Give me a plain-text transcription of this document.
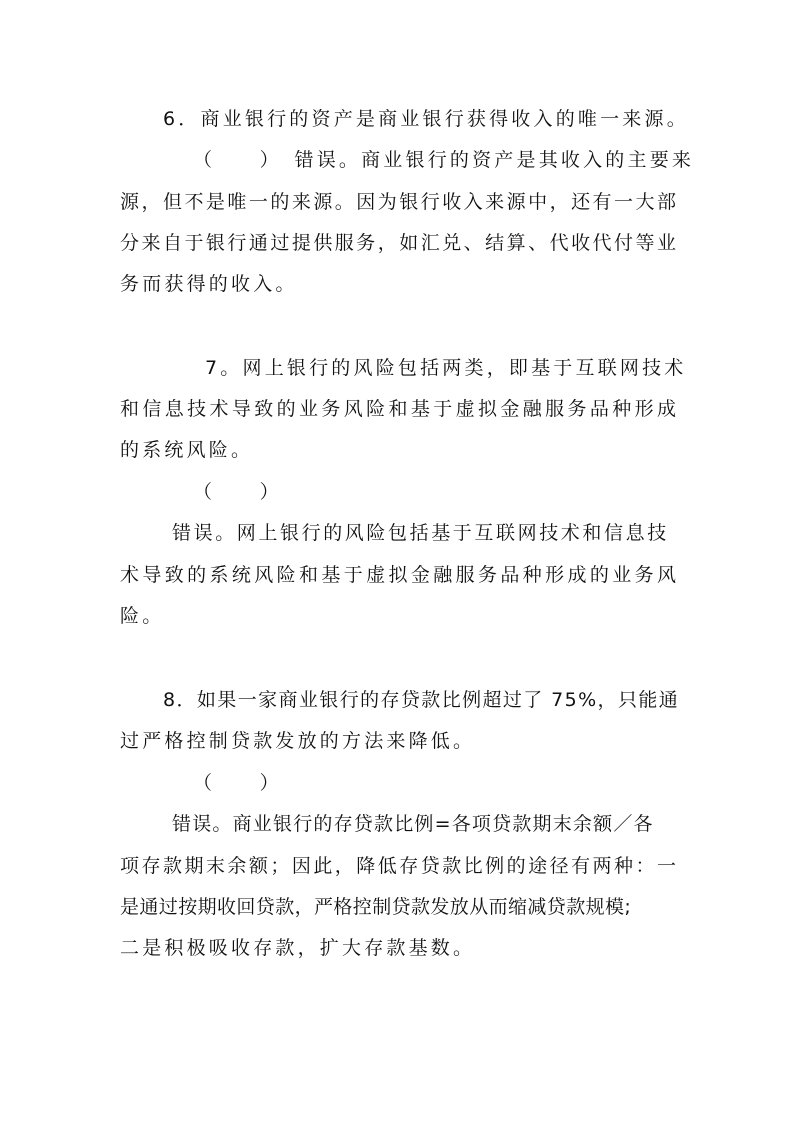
6．商业银行的资产是商业银行获得收入的唯一来源。
（　　）　错误。商业银行的资产是其收入的主要来
源，但不是唯一的来源。因为银行收入来源中，还有一大部
分来自于银行通过提供服务，如汇兑、结算、代收代付等业
务而获得的收入。
7。网上银行的风险包括两类，即基于互联网技术
和信息技术导致的业务风险和基于虚拟金融服务品种形成
的系统风险。
（　　）
错误。网上银行的风险包括基于互联网技术和信息技
术导致的系统风险和基于虚拟金融服务品种形成的业务风
险。
8．如果一家商业银行的存贷款比例超过了 75%，只能通
过严格控制贷款发放的方法来降低。
（　　）
错误。商业银行的存贷款比例=各项贷款期末余额／各
项存款期末余额；因此，降低存贷款比例的途径有两种：一
是通过按期收回贷款，严格控制贷款发放从而缩减贷款规模;
二是积极吸收存款，扩大存款基数。
